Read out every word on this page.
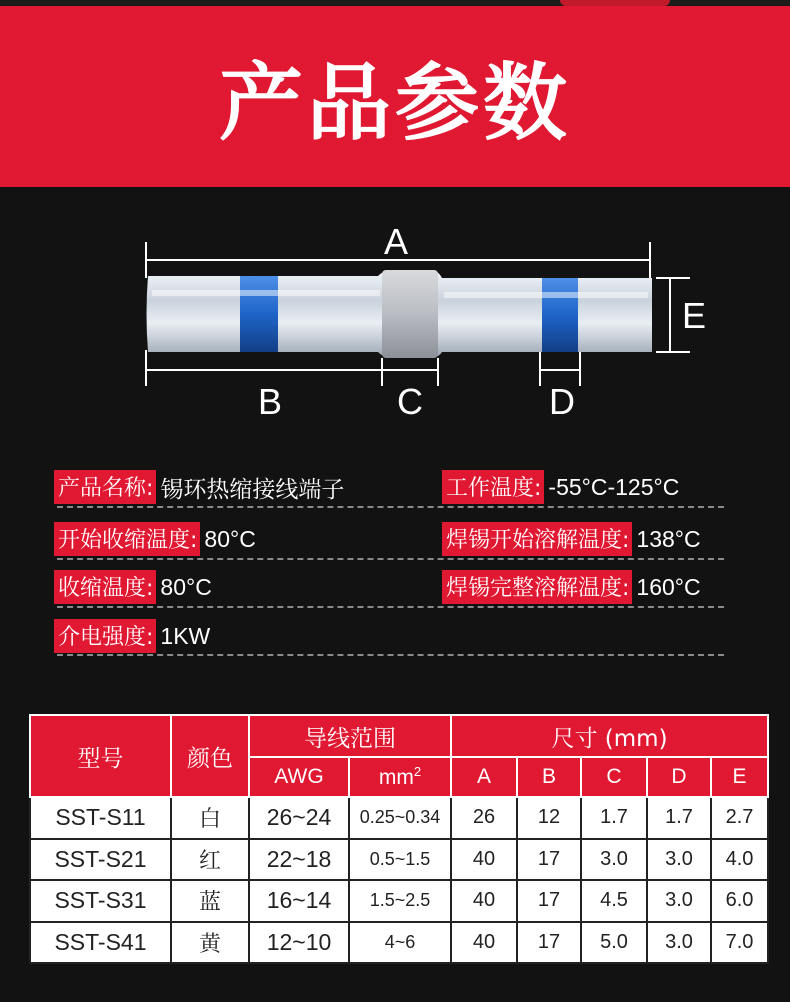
产品参数
A
B	C	D
E
产品名称: 锡环热缩接线端子	工作温度: -55°C-125°C
开始收缩温度: 80°C	焊锡开始溶解温度: 138°C
收缩温度: 80°C	焊锡完整溶解温度: 160°C
介电强度: 1KW
型号	颜色	导线范围		尺寸 (mm)				
		AWG	$mm^2$	A	B	C	D	E
SST-S11	白	26~24	0.25~0.34	26	12	1.7	1.7	2.7
SST-S21	红	22~18	0.5~1.5	40	17	3.0	3.0	4.0
SST-S31	蓝	16~14	1.5~2.5	40	17	4.5	3.0	6.0
SST-S41	黄	12~10	4~6	40	17	5.0	3.0	7.0
